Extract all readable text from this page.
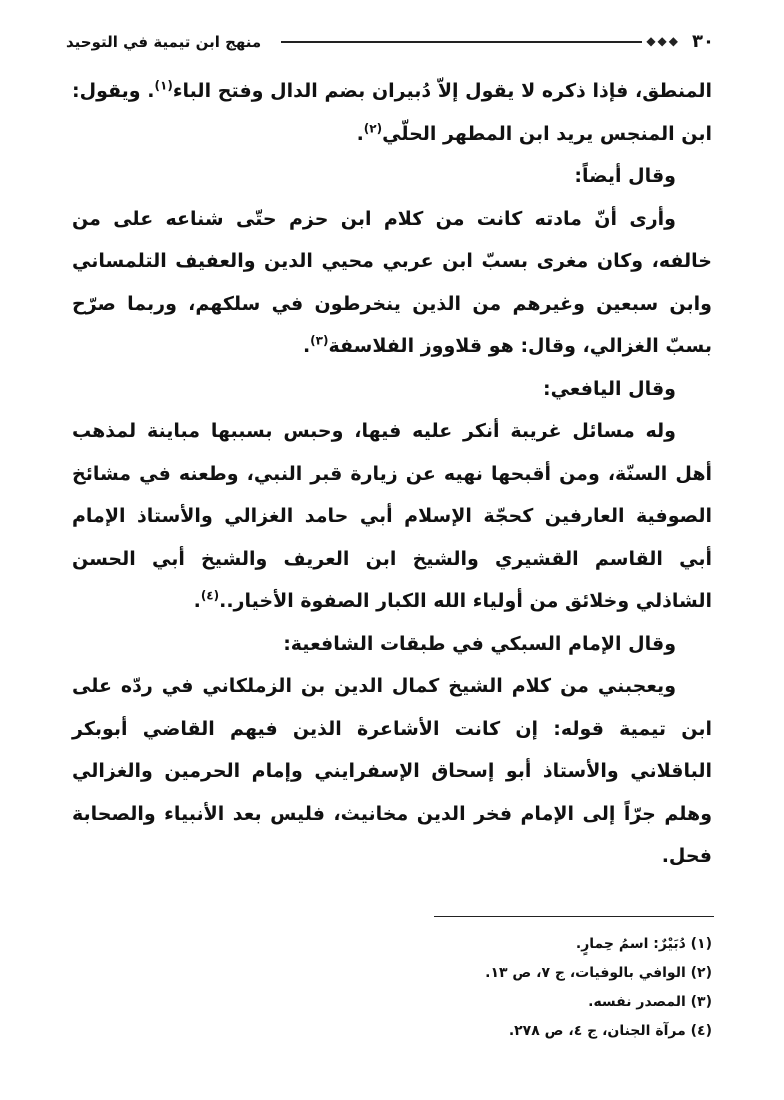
منهج ابن تيمية في التوحيد	◆◆◆ ٣٠

المنطق، فإذا ذكره لا يقول إلاّ دُبيران بضم الدال وفتح الباء$^{(١)}$. ويقول: ابن المنجس يريد ابن المطهر الحلّي$^{(٢)}$.

وقال أيضاً:

وأرى أنّ مادته كانت من كلام ابن حزم حتّى شناعه على من خالفه، وكان مغرى بسبّ ابن عربي محيي الدين والعفيف التلمساني وابن سبعين وغيرهم من الذين ينخرطون في سلكهم، وربما صرّح بسبّ الغزالي، وقال: هو قلاووز الفلاسفة$^{(٣)}$.

وقال اليافعي:

وله مسائل غريبة أنكر عليه فيها، وحبس بسببها مباينة لمذهب أهل السنّة، ومن أقبحها نهيه عن زيارة قبر النبي، وطعنه في مشائخ الصوفية العارفين كحجّة الإسلام أبي حامد الغزالي والأستاذ الإمام أبي القاسم القشيري والشيخ ابن العريف والشيخ أبي الحسن الشاذلي وخلائق من أولياء الله الكبار الصفوة الأخيار..$^{(٤)}$.

وقال الإمام السبكي في طبقات الشافعية:

ويعجبني من كلام الشيخ كمال الدين بن الزملكاني في ردّه على ابن تيمية قوله: إن كانت الأشاعرة الذين فيهم القاضي أبوبكر الباقلاني والأستاذ أبو إسحاق الإسفرايني وإمام الحرمين والغزالي وهلم جرّاً إلى الإمام فخر الدين مخانيث، فليس بعد الأنبياء والصحابة فحل.

(١) دُبَيْرٌ: اسمُ حِمارٍ.

(٢) الوافي بالوفيات، ج ٧، ص ١٣.

(٣) المصدر نفسه.

(٤) مرآة الجنان، ج ٤، ص ٢٧٨.
